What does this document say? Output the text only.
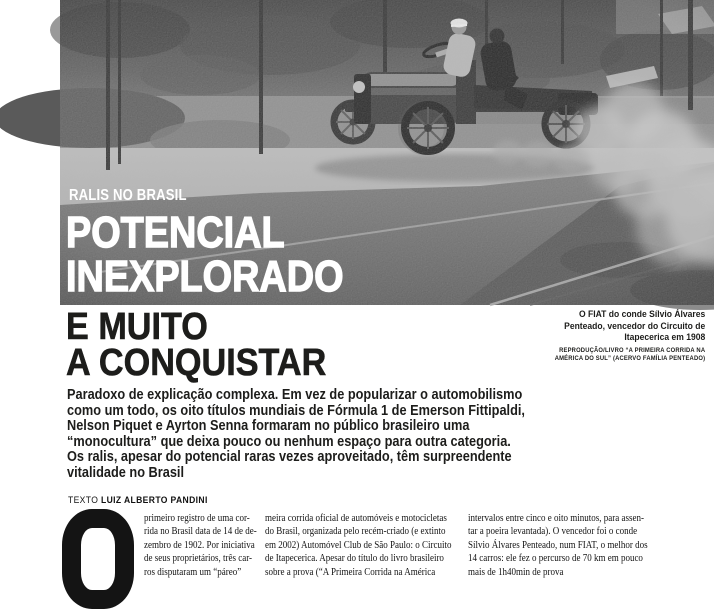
RALIS NO BRASIL
POTENCIAL
INEXPLORADO
E MUITO
A CONQUISTAR
O FIAT do conde Sílvio Álvares
Penteado, vencedor do Circuito de
Itapecerica em 1908
REPRODUÇÃO/LIVRO “A PRIMEIRA CORRIDA NA
AMÉRICA DO SUL” (ACERVO FAMÍLIA PENTEADO)
Paradoxo de explicação complexa. Em vez de popularizar o automobilismo
como um todo, os oito títulos mundiais de Fórmula 1 de Emerson Fittipaldi,
Nelson Piquet e Ayrton Senna formaram no público brasileiro uma
“monocultura” que deixa pouco ou nenhum espaço para outra categoria.
Os ralis, apesar do potencial raras vezes aproveitado, têm surpreendente
vitalidade no Brasil
TEXTO LUIZ ALBERTO PANDINI
primeiro registro de uma cor-
rida no Brasil data de 14 de de-
zembro de 1902. Por iniciativa
de seus proprietários, três car-
ros disputaram um “páreo”
meira corrida oficial de automóveis e motocicletas
do Brasil, organizada pelo recém-criado (e extinto
em 2002) Automóvel Club de São Paulo: o Circuito
de Itapecerica. Apesar do título do livro brasileiro
sobre a prova (“A Primeira Corrida na América
intervalos entre cinco e oito minutos, para assen-
tar a poeira levantada). O vencedor foi o conde
Sílvio Álvares Penteado, num FIAT, o melhor dos
14 carros: ele fez o percurso de 70 km em pouco
mais de 1h40min de prova
